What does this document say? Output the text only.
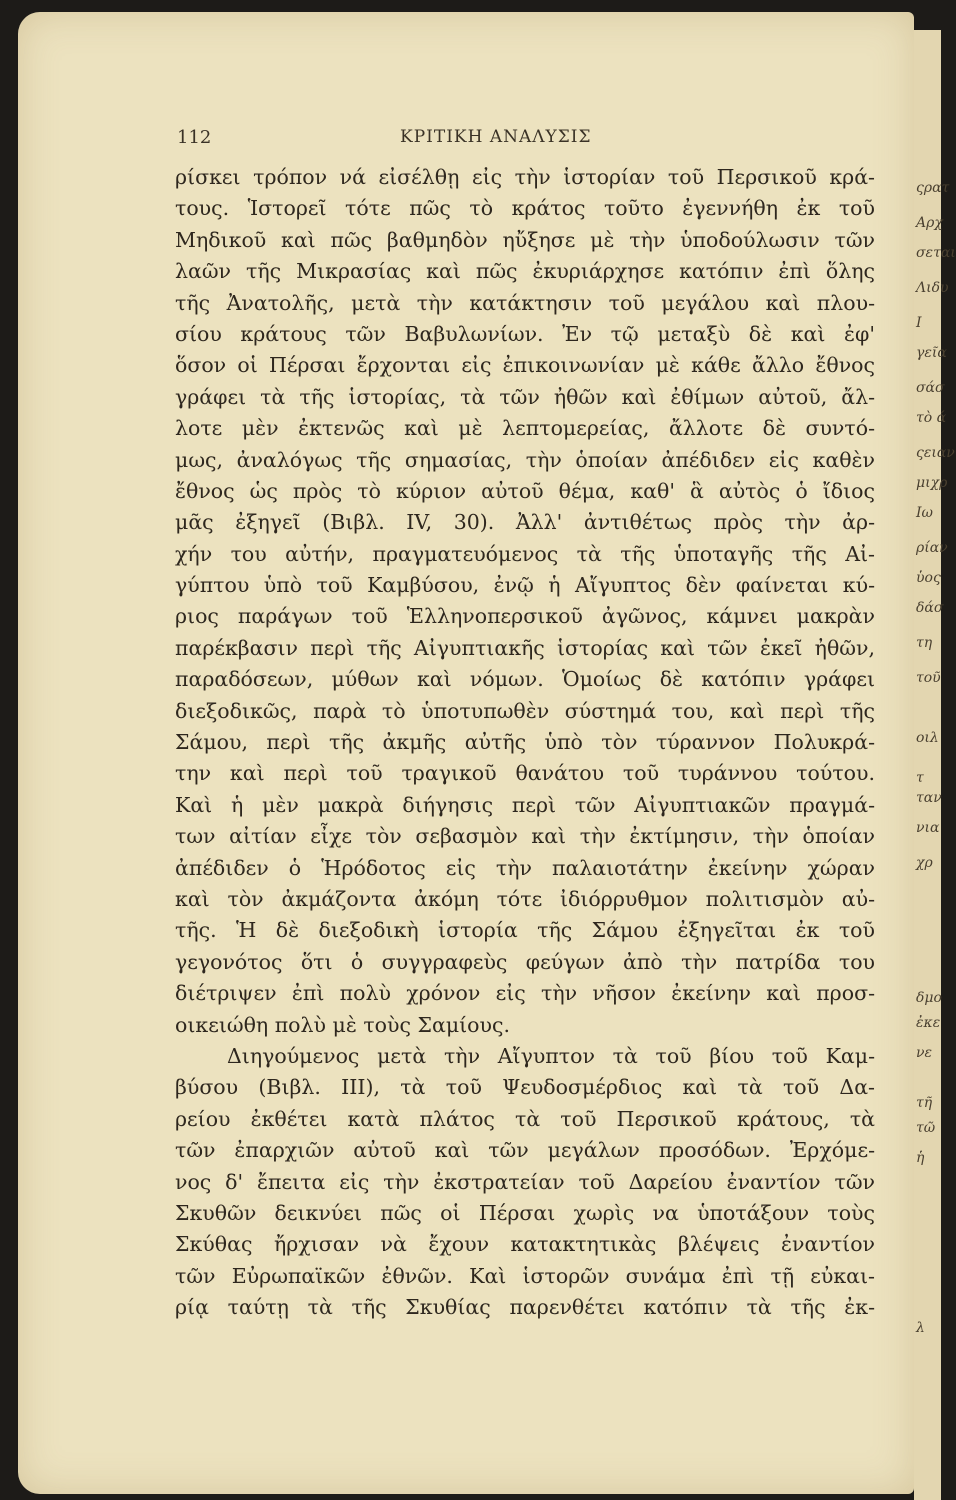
ςρατ
Αρχ
σεται
Λιδυ
Ι
γεῖα
σάσ
τὸ ά
ςειαν
μιχρ
Ιω
ρίαν
ὑος
δάσ
τη
τοῦ
οιλ
τ
ταν
νια
χρ
δμο
ἐκε
νε
τῆ
τῶ
ἡ
λ
112	ΚΡΙΤΙΚΗ ΑΝΑΛΥΣΙΣ
ρίσκει τρόπον νά εἰσέλθῃ εἰς τὴν ἱστορίαν τοῦ Περσικοῦ κρά-
τους. Ἱστορεῖ τότε πῶς τὸ κράτος τοῦτο ἐγεννήθη ἐκ τοῦ
Μηδικοῦ καὶ πῶς βαθμηδὸν ηὔξησε μὲ τὴν ὑποδούλωσιν τῶν
λαῶν τῆς Μικρασίας καὶ πῶς ἐκυριάρχησε κατόπιν ἐπὶ ὅλης
τῆς Ἀνατολῆς, μετὰ τὴν κατάκτησιν τοῦ μεγάλου καὶ πλου-
σίου κράτους τῶν Βαβυλωνίων. Ἐν τῷ μεταξὺ δὲ καὶ ἐφ'
ὅσον οἱ Πέρσαι ἔρχονται εἰς ἐπικοινωνίαν μὲ κάθε ἄλλο ἔθνος
γράφει τὰ τῆς ἱστορίας, τὰ τῶν ἠθῶν καὶ ἐθίμων αὐτοῦ, ἄλ-
λοτε μὲν ἐκτενῶς καὶ μὲ λεπτομερείας, ἄλλοτε δὲ συντό-
μως, ἀναλόγως τῆς σημασίας, τὴν ὁποίαν ἀπέδιδεν εἰς καθὲν
ἔθνος ὡς πρὸς τὸ κύριον αὐτοῦ θέμα, καθ' ἃ αὐτὸς ὁ ἴδιος
μᾶς ἐξηγεῖ (Βιβλ. IV, 30). Ἀλλ' ἀντιθέτως πρὸς τὴν ἀρ-
χήν του αὐτήν, πραγματευόμενος τὰ τῆς ὑποταγῆς τῆς Αἰ-
γύπτου ὑπὸ τοῦ Καμβύσου, ἐνῷ ἡ Αἴγυπτος δὲν φαίνεται κύ-
ριος παράγων τοῦ Ἑλληνοπερσικοῦ ἀγῶνος, κάμνει μακρὰν
παρέκβασιν περὶ τῆς Αἰγυπτιακῆς ἱστορίας καὶ τῶν ἐκεῖ ἠθῶν,
παραδόσεων, μύθων καὶ νόμων. Ὁμοίως δὲ κατόπιν γράφει
διεξοδικῶς, παρὰ τὸ ὑποτυπωθὲν σύστημά του, καὶ περὶ τῆς
Σάμου, περὶ τῆς ἀκμῆς αὐτῆς ὑπὸ τὸν τύραννον Πολυκρά-
την καὶ περὶ τοῦ τραγικοῦ θανάτου τοῦ τυράννου τούτου.
Καὶ ἡ μὲν μακρὰ διήγησις περὶ τῶν Αἰγυπτιακῶν πραγμά-
των αἰτίαν εἶχε τὸν σεβασμὸν καὶ τὴν ἐκτίμησιν, τὴν ὁποίαν
ἀπέδιδεν ὁ Ἡρόδοτος εἰς τὴν παλαιοτάτην ἐκείνην χώραν
καὶ τὸν ἀκμάζοντα ἀκόμη τότε ἰδιόρρυθμον πολιτισμὸν αὐ-
τῆς. Ἡ δὲ διεξοδικὴ ἱστορία τῆς Σάμου ἐξηγεῖται ἐκ τοῦ
γεγονότος ὅτι ὁ συγγραφεὺς φεύγων ἀπὸ τὴν πατρίδα του
διέτριψεν ἐπὶ πολὺ χρόνον εἰς τὴν νῆσον ἐκείνην καὶ προσ-
οικειώθη πολὺ μὲ τοὺς Σαμίους.
Διηγούμενος μετὰ τὴν Αἴγυπτον τὰ τοῦ βίου τοῦ Καμ-
βύσου (Βιβλ. III), τὰ τοῦ Ψευδοσμέρδιος καὶ τὰ τοῦ Δα-
ρείου ἐκθέτει κατὰ πλάτος τὰ τοῦ Περσικοῦ κράτους, τὰ
τῶν ἐπαρχιῶν αὐτοῦ καὶ τῶν μεγάλων προσόδων. Ἐρχόμε-
νος δ' ἔπειτα εἰς τὴν ἐκστρατείαν τοῦ Δαρείου ἐναντίον τῶν
Σκυθῶν δεικνύει πῶς οἱ Πέρσαι χωρὶς να ὑποτάξουν τοὺς
Σκύθας ἤρχισαν νὰ ἔχουν κατακτητικὰς βλέψεις ἐναντίον
τῶν Εὐρωπαϊκῶν ἐθνῶν. Καὶ ἱστορῶν συνάμα ἐπὶ τῇ εὐκαι-
ρίᾳ ταύτῃ τὰ τῆς Σκυθίας παρενθέτει κατόπιν τὰ τῆς ἐκ-
